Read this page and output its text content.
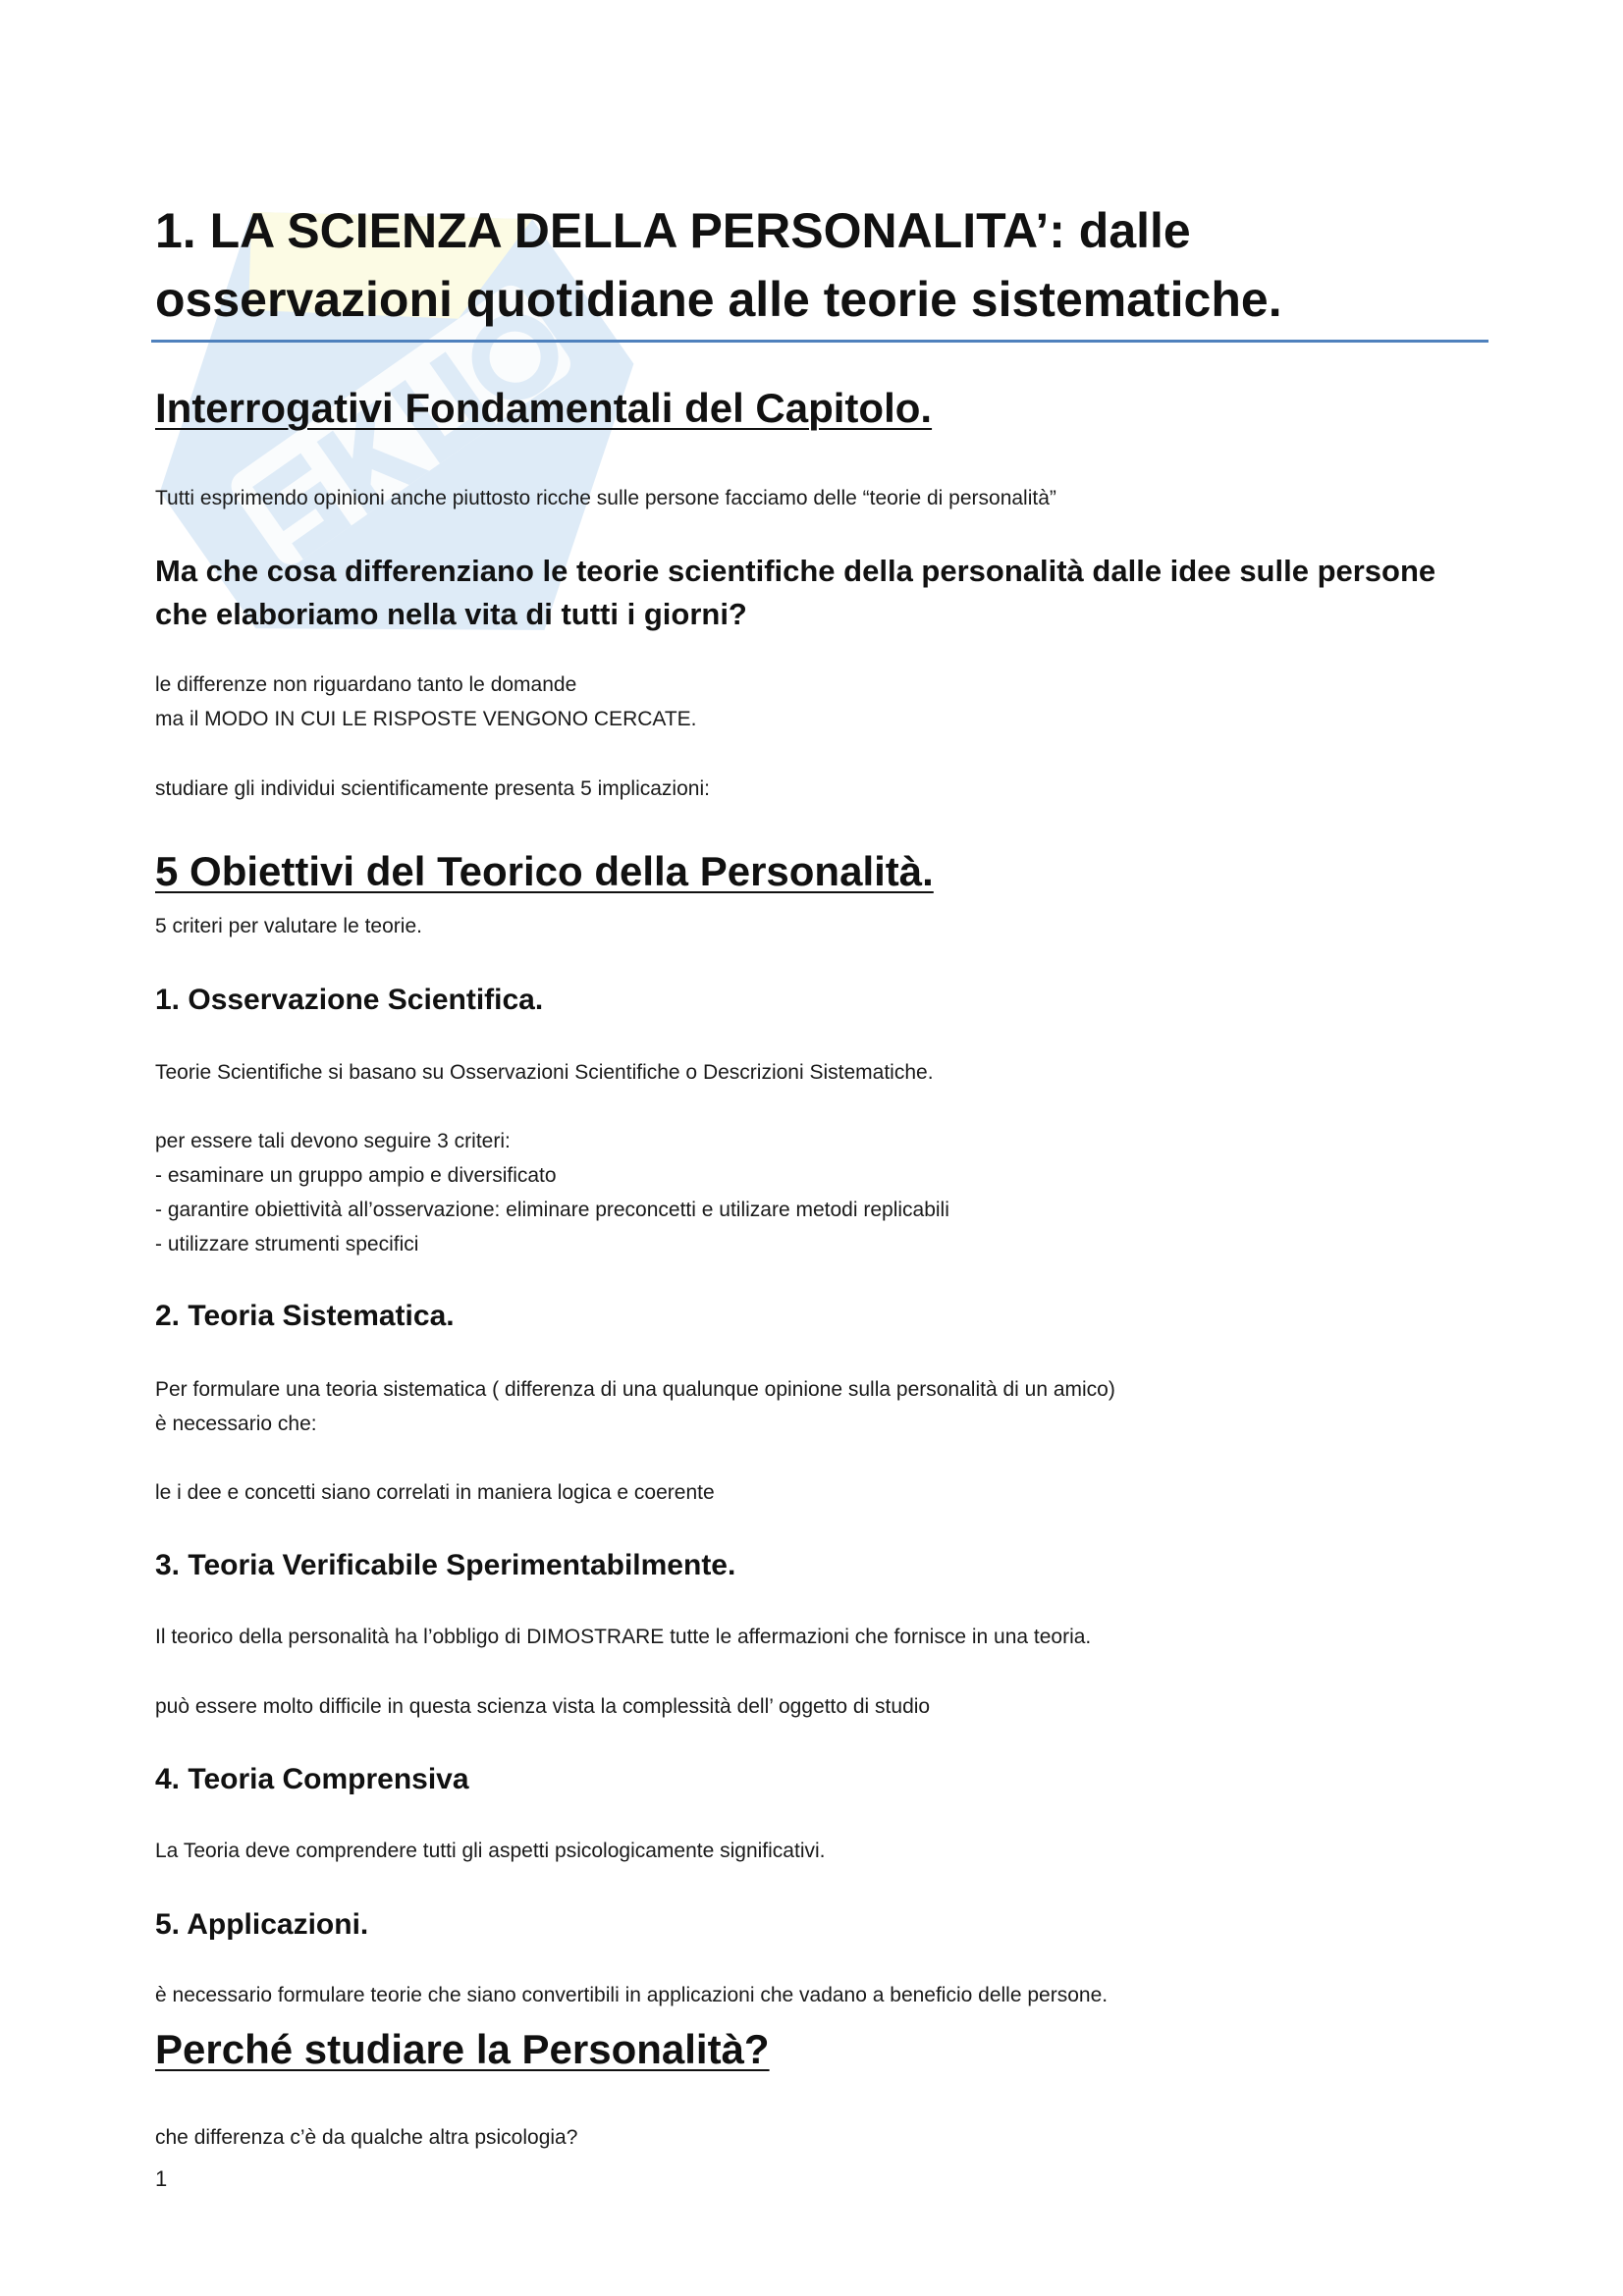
1. LA SCIENZA DELLA PERSONALITA’: dalle osservazioni quotidiane alle teorie sistematiche.
Interrogativi Fondamentali del Capitolo.

Tutti esprimendo opinioni anche piuttosto ricche sulle persone facciamo delle “teorie di personalità”

Ma che cosa differenziano le teorie scientifiche della personalità dalle idee sulle persone che elaboriamo nella vita di tutti i giorni?

le differenze non riguardano tanto le domande

ma il MODO IN CUI LE RISPOSTE VENGONO CERCATE.

studiare gli individui scientificamente presenta 5 implicazioni:

5 Obiettivi del Teorico della Personalità.

5 criteri per valutare le teorie.

1. Osservazione Scientifica.

Teorie Scientifiche si basano su Osservazioni Scientifiche o Descrizioni Sistematiche.

per essere tali devono seguire 3 criteri:

- esaminare un gruppo ampio e diversificato

- garantire obiettività all’osservazione: eliminare preconcetti e utilizare metodi replicabili

- utilizzare strumenti specifici

2. Teoria Sistematica.

Per formulare una teoria sistematica ( differenza di una qualunque opinione sulla personalità di un amico)

è necessario che:

le i dee e concetti siano correlati in maniera logica e coerente

3. Teoria Verificabile Sperimentabilmente.

Il teorico della personalità ha l’obbligo di DIMOSTRARE tutte le affermazioni che fornisce in una teoria.

può essere molto difficile in questa scienza vista la complessità dell’ oggetto di studio

4. Teoria Comprensiva

La Teoria deve comprendere tutti gli aspetti psicologicamente significativi.

5. Applicazioni.

è necessario formulare teorie che siano convertibili in applicazioni che vadano a beneficio delle persone.

Perché studiare la Personalità?

che differenza c’è da qualche altra psicologia?

1
